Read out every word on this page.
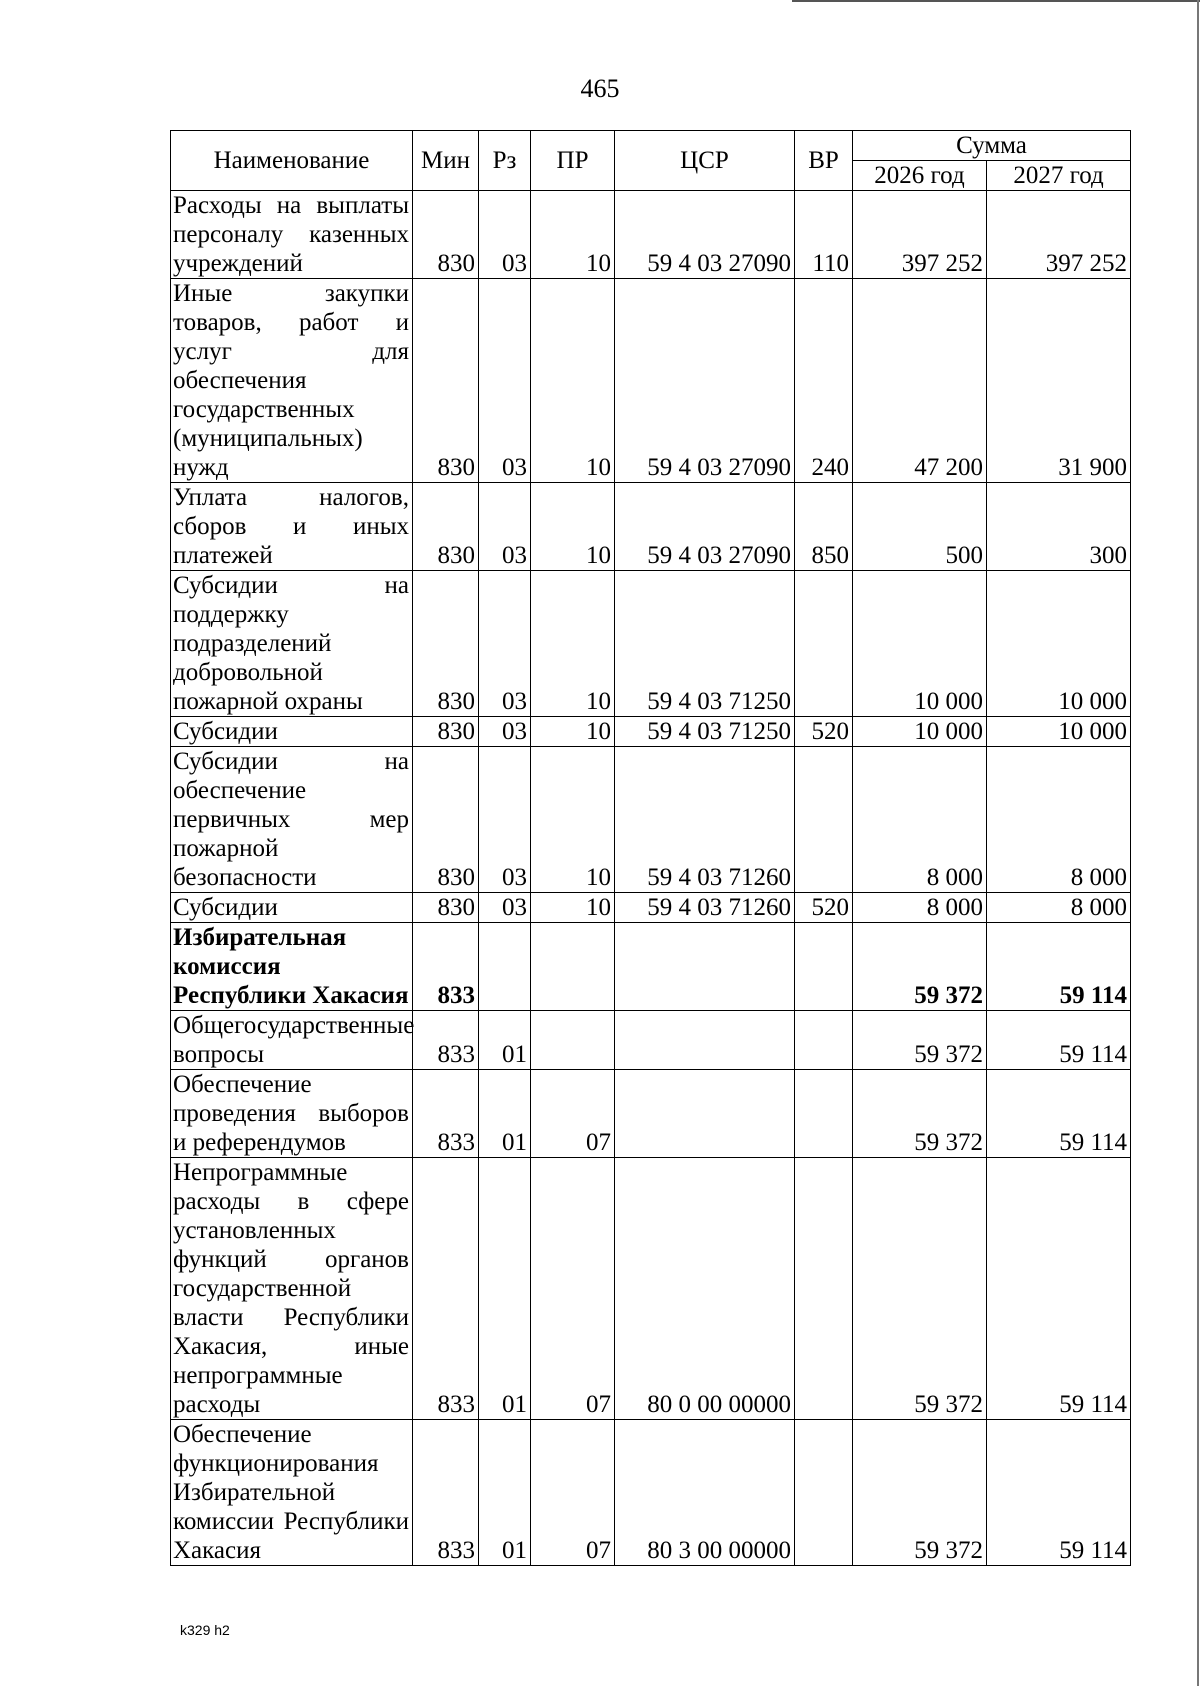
465
Наименование	Мин	Рз	ПР	ЦСР	ВР	Сумма	
						2026 год	2027 год
Расходы на выплаты персоналу казенных учреждений	830	03	10	59 4 03 27090	110	397 252	397 252
Иные закупки товаров, работ и услуг для обеспечения государственных (муниципальных) нужд	830	03	10	59 4 03 27090	240	47 200	31 900
Уплата налогов, сборов и иных платежей	830	03	10	59 4 03 27090	850	500	300
Субсидии на поддержку подразделений добровольной пожарной охраны	830	03	10	59 4 03 71250		10 000	10 000
Субсидии	830	03	10	59 4 03 71250	520	10 000	10 000
Субсидии на обеспечение первичных мер пожарной безопасности	830	03	10	59 4 03 71260		8 000	8 000
Субсидии	830	03	10	59 4 03 71260	520	8 000	8 000
Избирательная комиссия Республики Хакасия	833					59 372	59 114
Общегосударственные вопросы	833	01				59 372	59 114
Обеспечение проведения выборов и референдумов	833	01	07			59 372	59 114
Непрограммные расходы в сфере установленных функций органов государственной власти Республики Хакасия, иные непрограммные расходы	833	01	07	80 0 00 00000		59 372	59 114
Обеспечение функционирования Избирательной комиссии Республики Хакасия	833	01	07	80 3 00 00000		59 372	59 114
k329 h2
